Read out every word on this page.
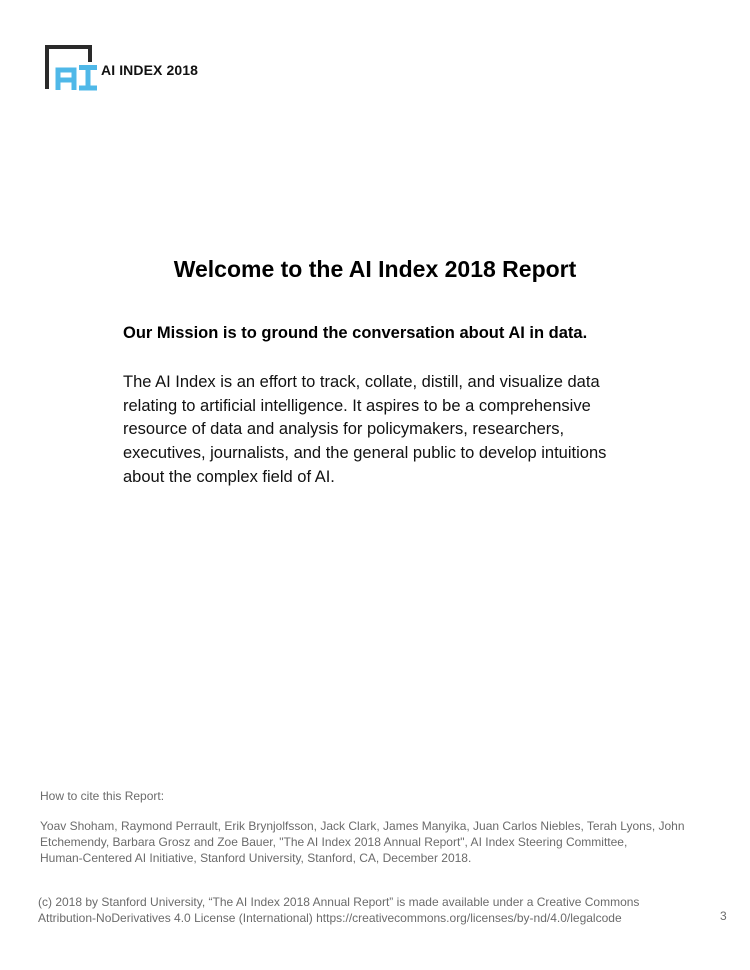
AI INDEX 2018
Welcome to the AI Index 2018 Report
Our Mission is to ground the conversation about AI in data.
The AI Index is an effort to track, collate, distill, and visualize data
relating to artificial intelligence. It aspires to be a comprehensive
resource of data and analysis for policymakers, researchers,
executives, journalists, and the general public to develop intuitions
about the complex field of AI.
How to cite this Report:
Yoav Shoham, Raymond Perrault, Erik Brynjolfsson, Jack Clark, James Manyika, Juan Carlos Niebles, Terah Lyons, John
Etchemendy, Barbara Grosz and Zoe Bauer, "The AI Index 2018 Annual Report", AI Index Steering Committee,
Human-Centered AI Initiative, Stanford University, Stanford, CA, December 2018.
(c) 2018 by Stanford University, “The AI Index 2018 Annual Report” is made available under a Creative Commons
Attribution-NoDerivatives 4.0 License (International) https://creativecommons.org/licenses/by-nd/4.0/legalcode	3
